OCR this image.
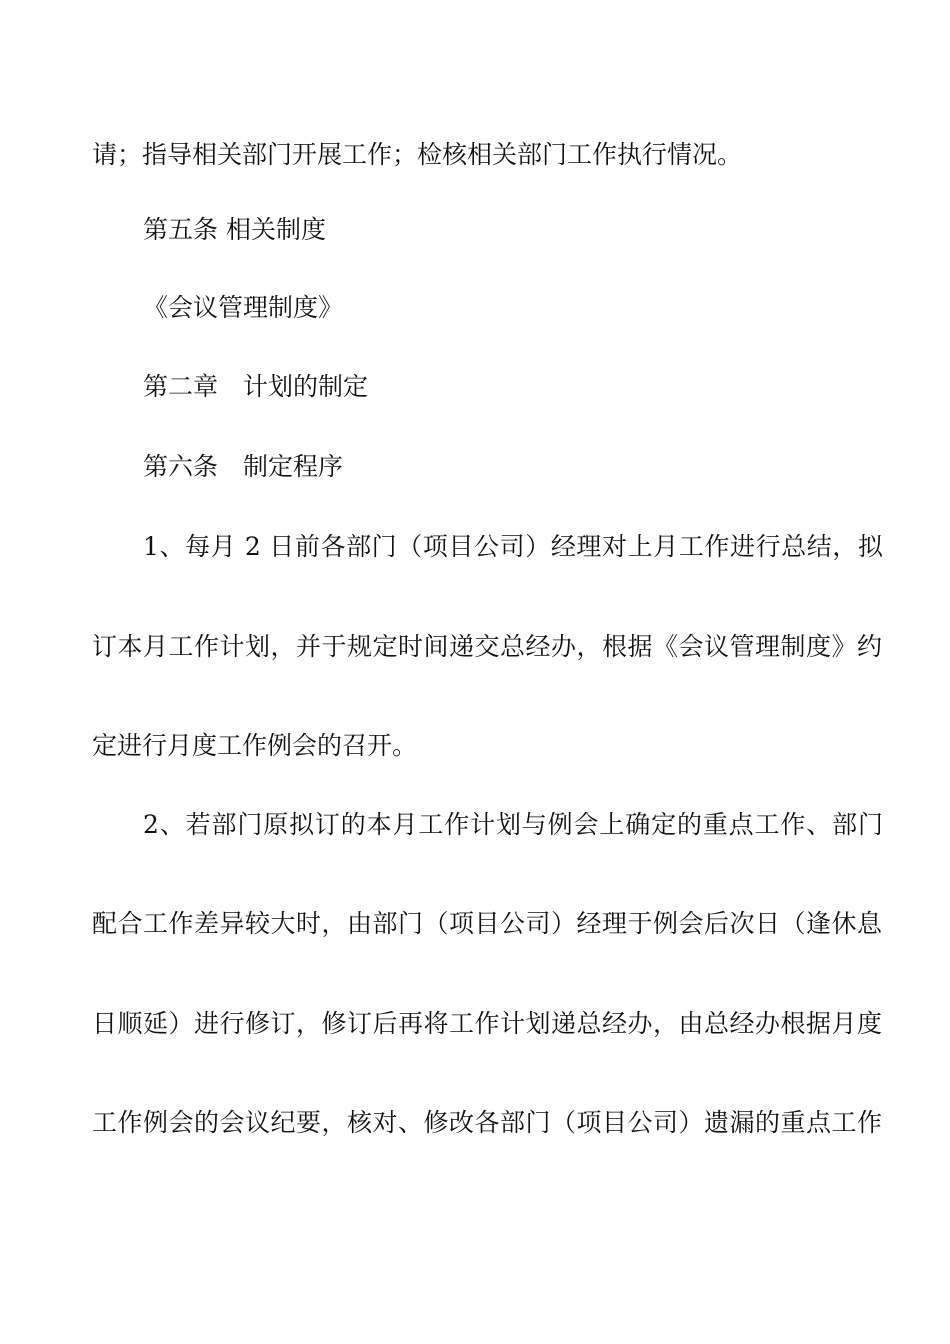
请；指导相关部门开展工作；检核相关部门工作执行情况。
第五条 相关制度
《会议管理制度》
第二章　计划的制定
第六条　制定程序
1、每月 2 日前各部门（项目公司）经理对上月工作进行总结，拟
订本月工作计划，并于规定时间递交总经办，根据《会议管理制度》约
定进行月度工作例会的召开。
2、若部门原拟订的本月工作计划与例会上确定的重点工作、部门
配合工作差异较大时，由部门（项目公司）经理于例会后次日（逢休息
日顺延）进行修订，修订后再将工作计划递总经办，由总经办根据月度
工作例会的会议纪要，核对、修改各部门（项目公司）遗漏的重点工作
